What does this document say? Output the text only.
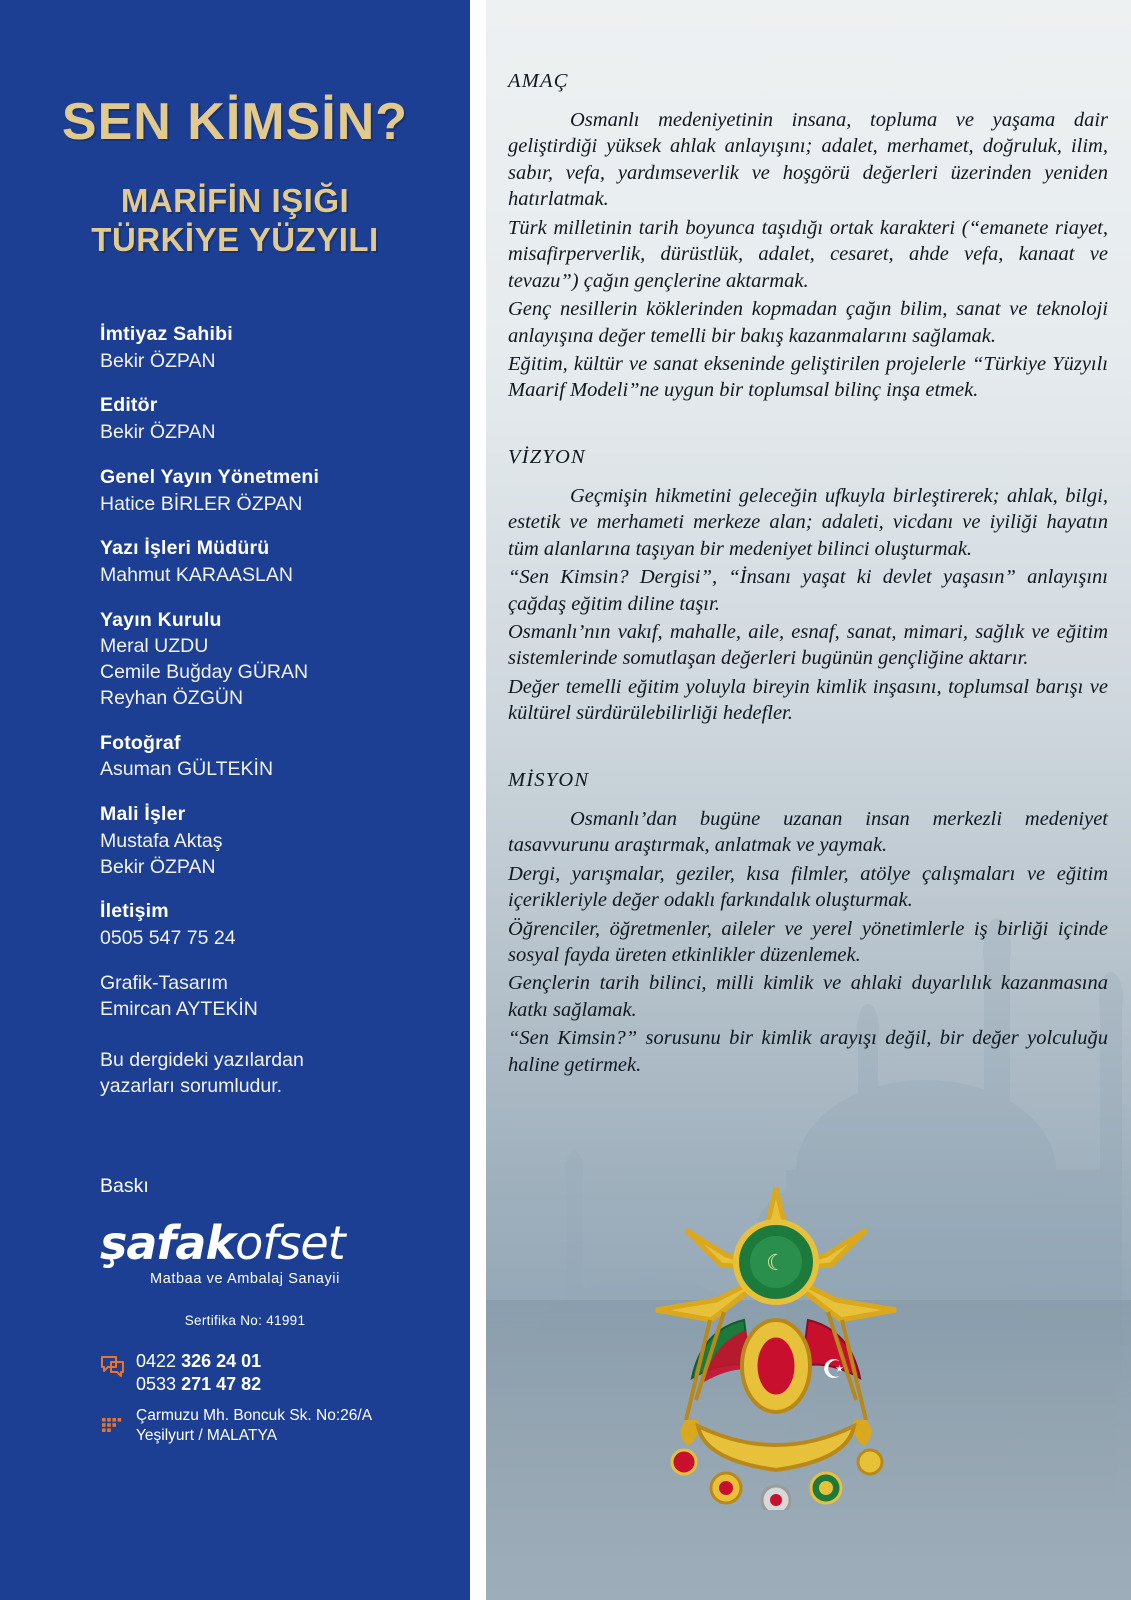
SEN KİMSİN?
MARİFİN IŞIĞI
TÜRKİYE YÜZYILI
İmtiyaz Sahibi
Bekir ÖZPAN
Editör
Bekir ÖZPAN
Genel Yayın Yönetmeni
Hatice BİRLER ÖZPAN
Yazı İşleri Müdürü
Mahmut KARAASLAN
Yayın Kurulu
Meral UZDU
Cemile Buğday GÜRAN
Reyhan ÖZGÜN
Fotoğraf
Asuman GÜLTEKİN
Mali İşler
Mustafa Aktaş
Bekir ÖZPAN
İletişim
0505 547 75 24
Grafik-Tasarım
Emircan AYTEKİN
Bu dergideki yazılardan
yazarları sorumludur.
Baskı
şafakofset
Matbaa ve Ambalaj Sanayii
Sertifika No: 41991
0422 326 24 01
0533 271 47 82
Çarmuzu Mh. Boncuk Sk. No:26/A
Yeşilyurt / MALATYA
☾
☪
AMAÇ

Osmanlı medeniyetinin insana, topluma ve yaşama dair geliştirdiği yüksek ahlak anlayışını; adalet, merhamet, doğruluk, ilim, sabır, vefa, yardımseverlik ve hoşgörü değerleri üzerinden yeniden hatırlatmak.

Türk milletinin tarih boyunca taşıdığı ortak karakteri (“emanete riayet, misafirperverlik, dürüstlük, adalet, cesaret, ahde vefa, kanaat ve tevazu”) çağın gençlerine aktarmak.

Genç nesillerin köklerinden kopmadan çağın bilim, sanat ve teknoloji anlayışına değer temelli bir bakış kazanmalarını sağlamak.

Eğitim, kültür ve sanat ekseninde geliştirilen projelerle “Türkiye Yüzyılı Maarif Modeli”ne uygun bir toplumsal bilinç inşa etmek.

VİZYON

Geçmişin hikmetini geleceğin ufkuyla birleştirerek; ahlak, bilgi, estetik ve merhameti merkeze alan; adaleti, vicdanı ve iyiliği hayatın tüm alanlarına taşıyan bir medeniyet bilinci oluşturmak.

“Sen Kimsin? Dergisi”, “İnsanı yaşat ki devlet yaşasın” anlayışını çağdaş eğitim diline taşır.

Osmanlı’nın vakıf, mahalle, aile, esnaf, sanat, mimari, sağlık ve eğitim sistemlerinde somutlaşan değerleri bugünün gençliğine aktarır.

Değer temelli eğitim yoluyla bireyin kimlik inşasını, toplumsal barışı ve kültürel sürdürülebilirliği hedefler.

MİSYON

Osmanlı’dan bugüne uzanan insan merkezli medeniyet tasavvurunu araştırmak, anlatmak ve yaymak.

Dergi, yarışmalar, geziler, kısa filmler, atölye çalışmaları ve eğitim içerikleriyle değer odaklı farkındalık oluşturmak.

Öğrenciler, öğretmenler, aileler ve yerel yönetimlerle iş birliği içinde sosyal fayda üreten etkinlikler düzenlemek.

Gençlerin tarih bilinci, milli kimlik ve ahlaki duyarlılık kazanmasına katkı sağlamak.

“Sen Kimsin?” sorusunu bir kimlik arayışı değil, bir değer yolculuğu haline getirmek.
